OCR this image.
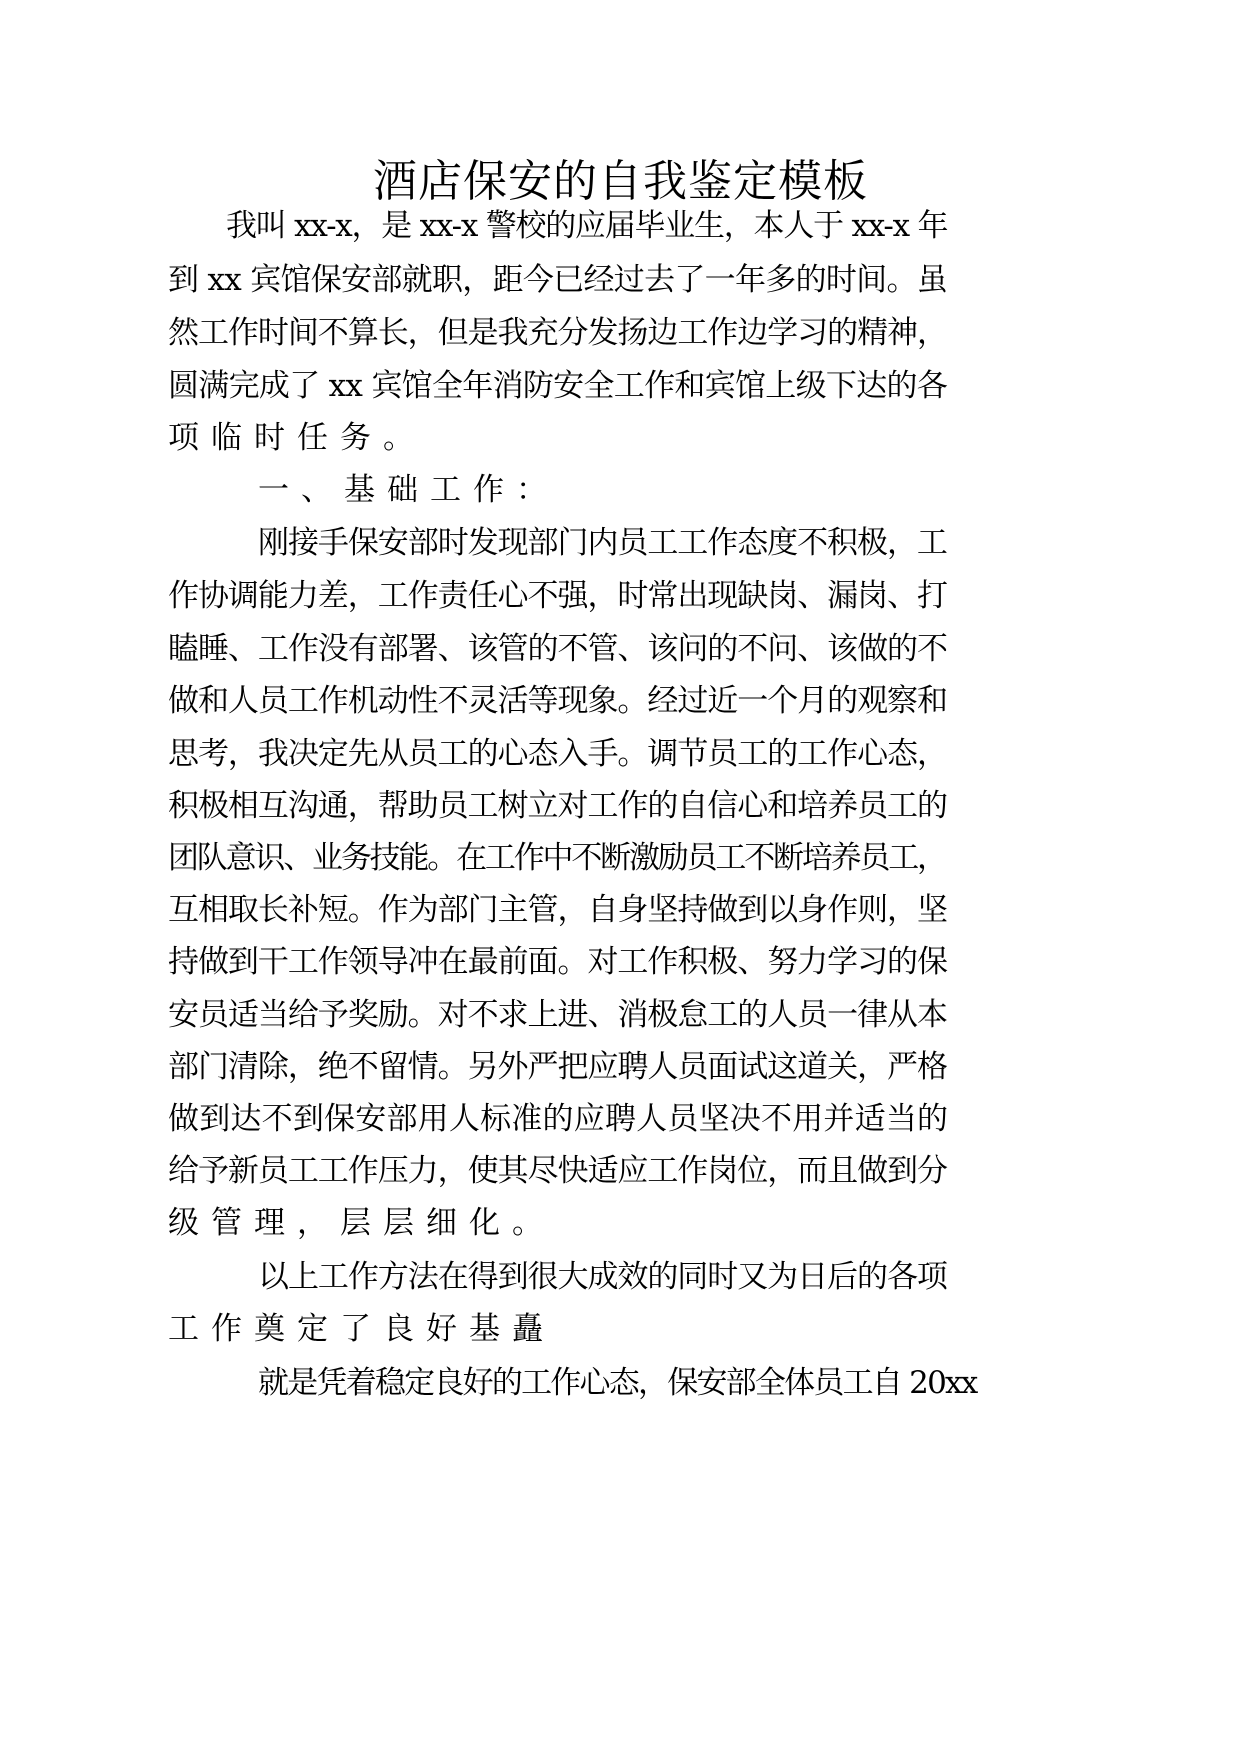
酒店保安的自我鉴定模板
我叫 xx-x，是 xx-x 警校的应届毕业生，本人于 xx-x 年
到 xx 宾馆保安部就职，距今已经过去了一年多的时间。虽
然工作时间不算长，但是我充分发扬边工作边学习的精神，
圆满完成了 xx 宾馆全年消防安全工作和宾馆上级下达的各
项临时任务。
一、基础工作：
刚接手保安部时发现部门内员工工作态度不积极，工
作协调能力差，工作责任心不强，时常出现缺岗、漏岗、打
瞌睡、工作没有部署、该管的不管、该问的不问、该做的不
做和人员工作机动性不灵活等现象。经过近一个月的观察和
思考，我决定先从员工的心态入手。调节员工的工作心态，
积极相互沟通，帮助员工树立对工作的自信心和培养员工的
团队意识、业务技能。在工作中不断激励员工不断培养员工，
互相取长补短。作为部门主管，自身坚持做到以身作则，坚
持做到干工作领导冲在最前面。对工作积极、努力学习的保
安员适当给予奖励。对不求上进、消极怠工的人员一律从本
部门清除，绝不留情。另外严把应聘人员面试这道关，严格
做到达不到保安部用人标准的应聘人员坚决不用并适当的
给予新员工工作压力，使其尽快适应工作岗位，而且做到分
级管理，层层细化。
以上工作方法在得到很大成效的同时又为日后的各项
工作奠定了良好基矗
就是凭着稳定良好的工作心态，保安部全体员工自 20xx
